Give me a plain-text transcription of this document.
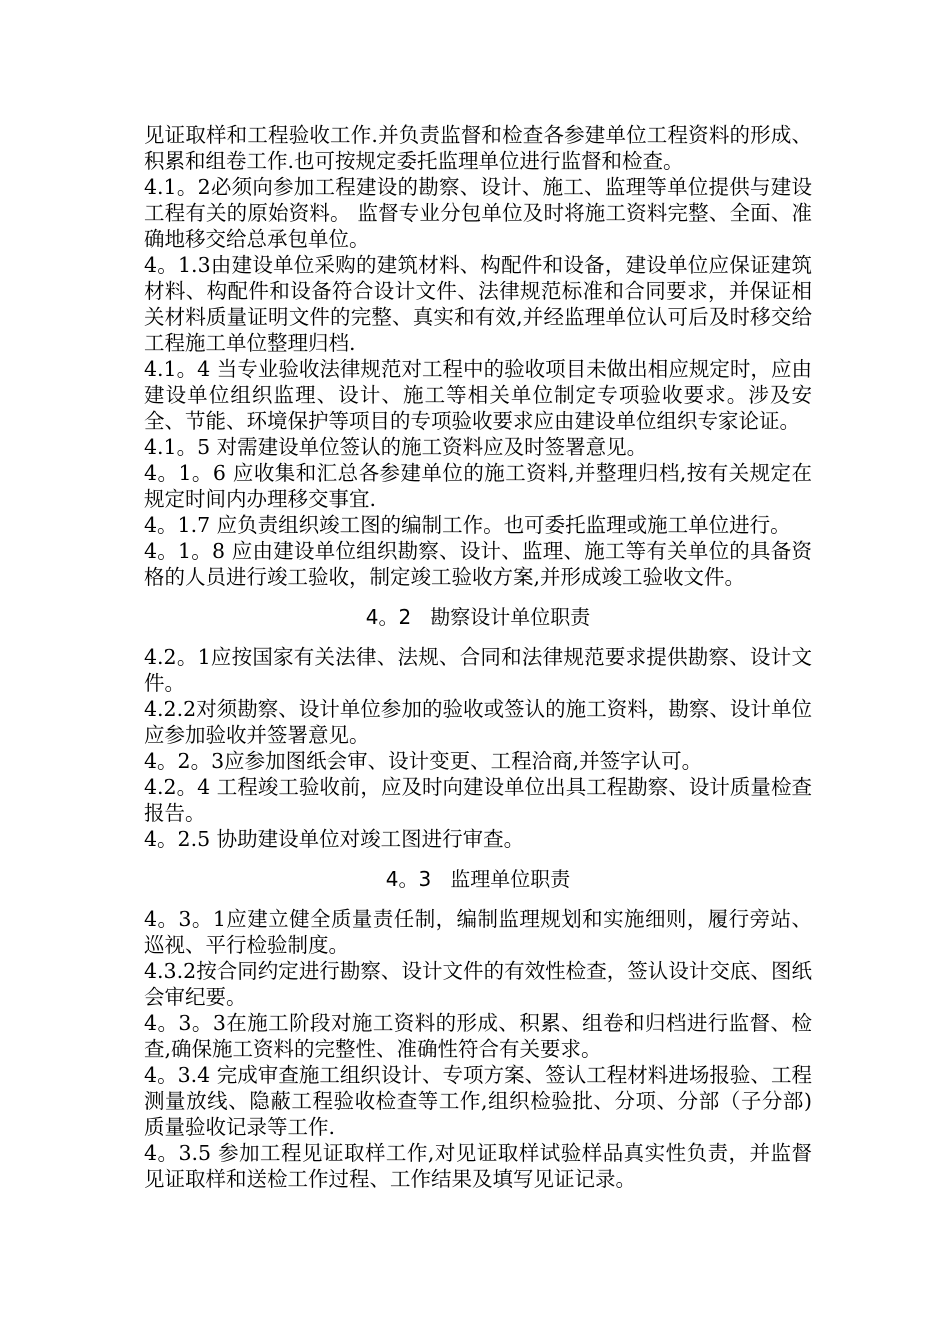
见证取样和工程验收工作.并负责监督和检查各参建单位工程资料的形成、积累和组卷工作.也可按规定委托监理单位进行监督和检查。

4.1。2必须向参加工程建设的勘察、设计、施工、监理等单位提供与建设工程有关的原始资料。 监督专业分包单位及时将施工资料完整、全面、准确地移交给总承包单位。

4。1.3由建设单位采购的建筑材料、构配件和设备，建设单位应保证建筑材料、构配件和设备符合设计文件、法律规范标准和合同要求，并保证相关材料质量证明文件的完整、真实和有效,并经监理单位认可后及时移交给工程施工单位整理归档.

4.1。4 当专业验收法律规范对工程中的验收项目未做出相应规定时，应由建设单位组织监理、设计、施工等相关单位制定专项验收要求。涉及安全、节能、环境保护等项目的专项验收要求应由建设单位组织专家论证。

4.1。5 对需建设单位签认的施工资料应及时签署意见。

4。1。6 应收集和汇总各参建单位的施工资料,并整理归档,按有关规定在规定时间内办理移交事宜.

4。1.7 应负责组织竣工图的编制工作。也可委托监理或施工单位进行。

4。1。8 应由建设单位组织勘察、设计、监理、施工等有关单位的具备资格的人员进行竣工验收，制定竣工验收方案,并形成竣工验收文件。

4。2   勘察设计单位职责

4.2。1应按国家有关法律、法规、合同和法律规范要求提供勘察、设计文件。

4.2.2对须勘察、设计单位参加的验收或签认的施工资料，勘察、设计单位应参加验收并签署意见。

4。2。3应参加图纸会审、设计变更、工程洽商,并签字认可。

4.2。4 工程竣工验收前，应及时向建设单位出具工程勘察、设计质量检查报告。

4。2.5 协助建设单位对竣工图进行审查。

4。3   监理单位职责

4。3。1应建立健全质量责任制，编制监理规划和实施细则，履行旁站、巡视、平行检验制度。

4.3.2按合同约定进行勘察、设计文件的有效性检查，签认设计交底、图纸会审纪要。

4。3。3在施工阶段对施工资料的形成、积累、组卷和归档进行监督、检查,确保施工资料的完整性、准确性符合有关要求。

4。3.4 完成审查施工组织设计、专项方案、签认工程材料进场报验、工程测量放线、隐蔽工程验收检查等工作,组织检验批、分项、分部（子分部)质量验收记录等工作.

4。3.5 参加工程见证取样工作,对见证取样试验样品真实性负责，并监督见证取样和送检工作过程、工作结果及填写见证记录。
